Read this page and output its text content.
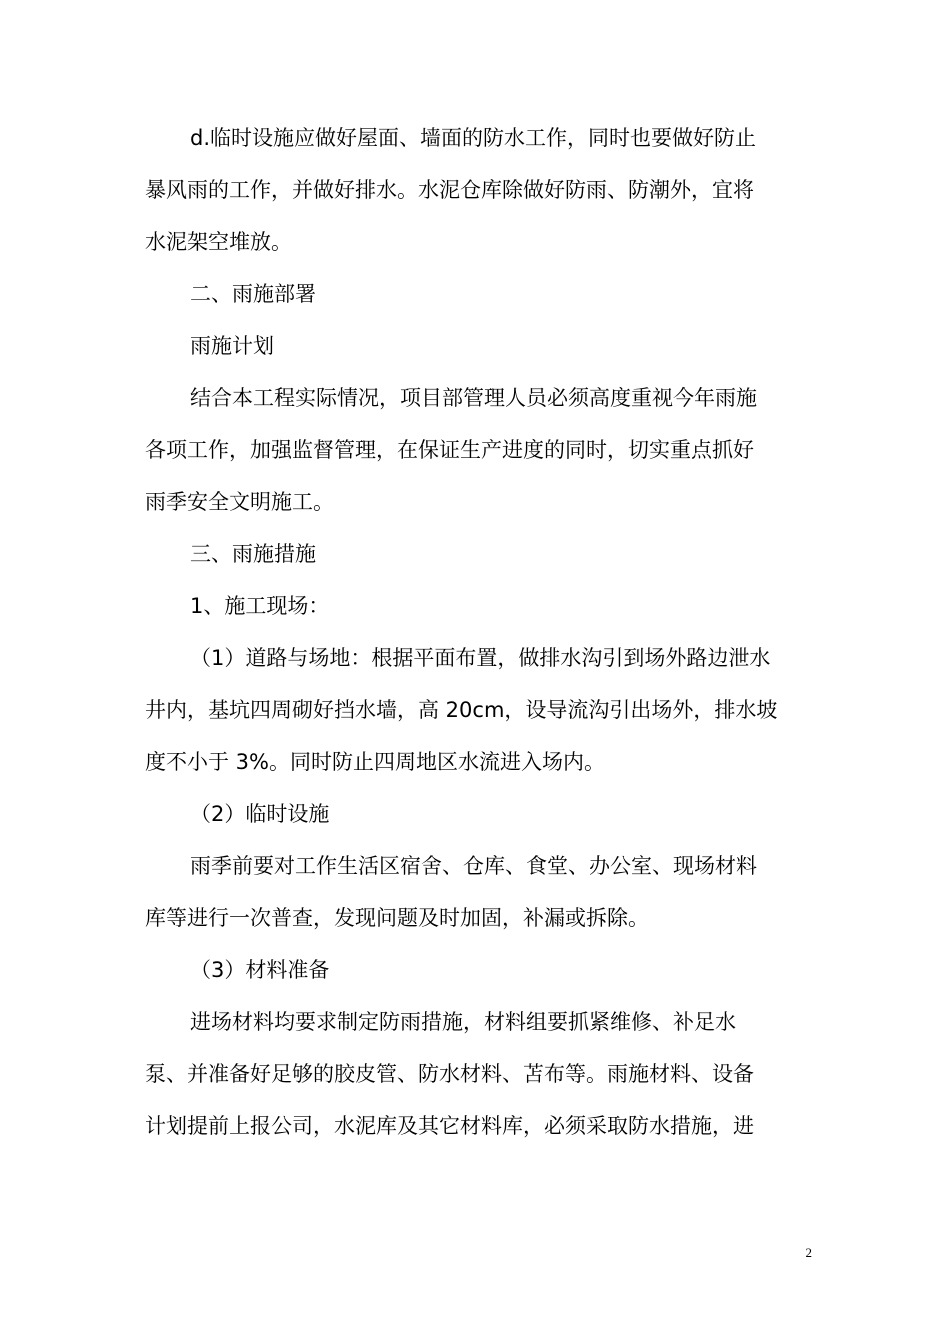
d.临时设施应做好屋面、墙面的防水工作，同时也要做好防止
暴风雨的工作，并做好排水。水泥仓库除做好防雨、防潮外，宜将
水泥架空堆放。
二、雨施部署
雨施计划
结合本工程实际情况，项目部管理人员必须高度重视今年雨施
各项工作，加强监督管理，在保证生产进度的同时，切实重点抓好
雨季安全文明施工。
三、雨施措施
1、施工现场：
（1）道路与场地：根据平面布置，做排水沟引到场外路边泄水
井内，基坑四周砌好挡水墙，高 20cm，设导流沟引出场外，排水坡
度不小于 3%。同时防止四周地区水流进入场内。
（2）临时设施
雨季前要对工作生活区宿舍、仓库、食堂、办公室、现场材料
库等进行一次普查，发现问题及时加固，补漏或拆除。
（3）材料准备
进场材料均要求制定防雨措施，材料组要抓紧维修、补足水
泵、并准备好足够的胶皮管、防水材料、苫布等。雨施材料、设备
计划提前上报公司，水泥库及其它材料库，必须采取防水措施，进
2
